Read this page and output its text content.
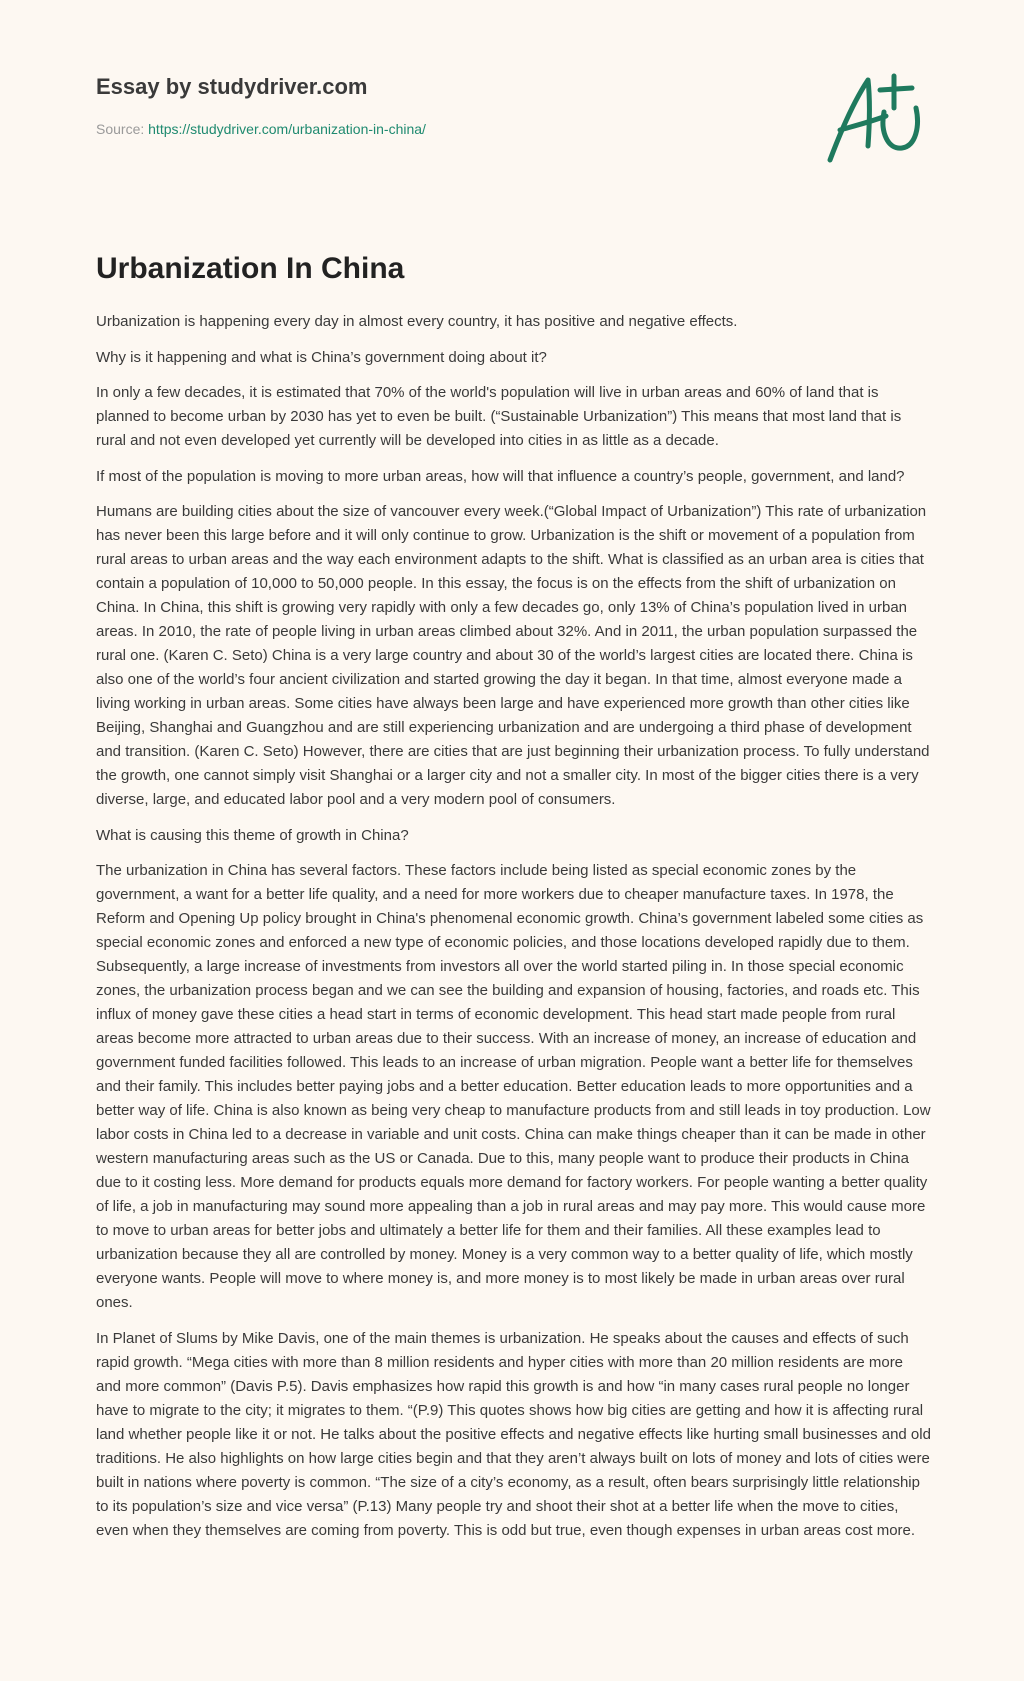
Essay by studydriver.com
Source: https://studydriver.com/urbanization-in-china/
Urbanization In China

Urbanization is happening every day in almost every country, it has positive and negative effects.

Why is it happening and what is China’s government doing about it?

In only a few decades, it is estimated that 70% of the world's population will live in urban areas and 60% of land that is planned to become urban by 2030 has yet to even be built. (“Sustainable Urbanization”) This means that most land that is rural and not even developed yet currently will be developed into cities in as little as a decade.

If most of the population is moving to more urban areas, how will that influence a country’s people, government, and land?

Humans are building cities about the size of vancouver every week.(“Global Impact of Urbanization”) This rate of urbanization has never been this large before and it will only continue to grow. Urbanization is the shift or movement of a population from rural areas to urban areas and the way each environment adapts to the shift. What is classified as an urban area is cities that contain a population of 10,000 to 50,000 people. In this essay, the focus is on the effects from the shift of urbanization on China. In China, this shift is growing very rapidly with only a few decades go, only 13% of China’s population lived in urban areas. In 2010, the rate of people living in urban areas climbed about 32%. And in 2011, the urban population surpassed the rural one. (Karen C. Seto) China is a very large country and about 30 of the world’s largest cities are located there. China is also one of the world’s four ancient civilization and started growing the day it began. In that time, almost everyone made a living working in urban areas. Some cities have always been large and have experienced more growth than other cities like Beijing, Shanghai and Guangzhou and are still experiencing urbanization and are undergoing a third phase of development and transition. (Karen C. Seto) However, there are cities that are just beginning their urbanization process. To fully understand the growth, one cannot simply visit Shanghai or a larger city and not a smaller city. In most of the bigger cities there is a very diverse, large, and educated labor pool and a very modern pool of consumers.

What is causing this theme of growth in China?

The urbanization in China has several factors. These factors include being listed as special economic zones by the government, a want for a better life quality, and a need for more workers due to cheaper manufacture taxes. In 1978, the Reform and Opening Up policy brought in China's phenomenal economic growth. China’s government labeled some cities as special economic zones and enforced a new type of economic policies, and those locations developed rapidly due to them. Subsequently, a large increase of investments from investors all over the world started piling in. In those special economic zones, the urbanization process began and we can see the building and expansion of housing, factories, and roads etc. This influx of money gave these cities a head start in terms of economic development. This head start made people from rural areas become more attracted to urban areas due to their success. With an increase of money, an increase of education and government funded facilities followed. This leads to an increase of urban migration. People want a better life for themselves and their family. This includes better paying jobs and a better education. Better education leads to more opportunities and a better way of life. China is also known as being very cheap to manufacture products from and still leads in toy production. Low labor costs in China led to a decrease in variable and unit costs. China can make things cheaper than it can be made in other western manufacturing areas such as the US or Canada. Due to this, many people want to produce their products in China due to it costing less. More demand for products equals more demand for factory workers. For people wanting a better quality of life, a job in manufacturing may sound more appealing than a job in rural areas and may pay more. This would cause more to move to urban areas for better jobs and ultimately a better life for them and their families. All these examples lead to urbanization because they all are controlled by money. Money is a very common way to a better quality of life, which mostly everyone wants. People will move to where money is, and more money is to most likely be made in urban areas over rural ones.

In Planet of Slums by Mike Davis, one of the main themes is urbanization. He speaks about the causes and effects of such rapid growth. “Mega cities with more than 8 million residents and hyper cities with more than 20 million residents are more and more common” (Davis P.5). Davis emphasizes how rapid this growth is and how “in many cases rural people no longer have to migrate to the city; it migrates to them. “(P.9) This quotes shows how big cities are getting and how it is affecting rural land whether people like it or not. He talks about the positive effects and negative effects like hurting small businesses and old traditions. He also highlights on how large cities begin and that they aren’t always built on lots of money and lots of cities were built in nations where poverty is common. “The size of a city’s economy, as a result, often bears surprisingly little relationship to its population’s size and vice versa” (P.13) Many people try and shoot their shot at a better life when the move to cities, even when they themselves are coming from poverty. This is odd but true, even though expenses in urban areas cost more.
